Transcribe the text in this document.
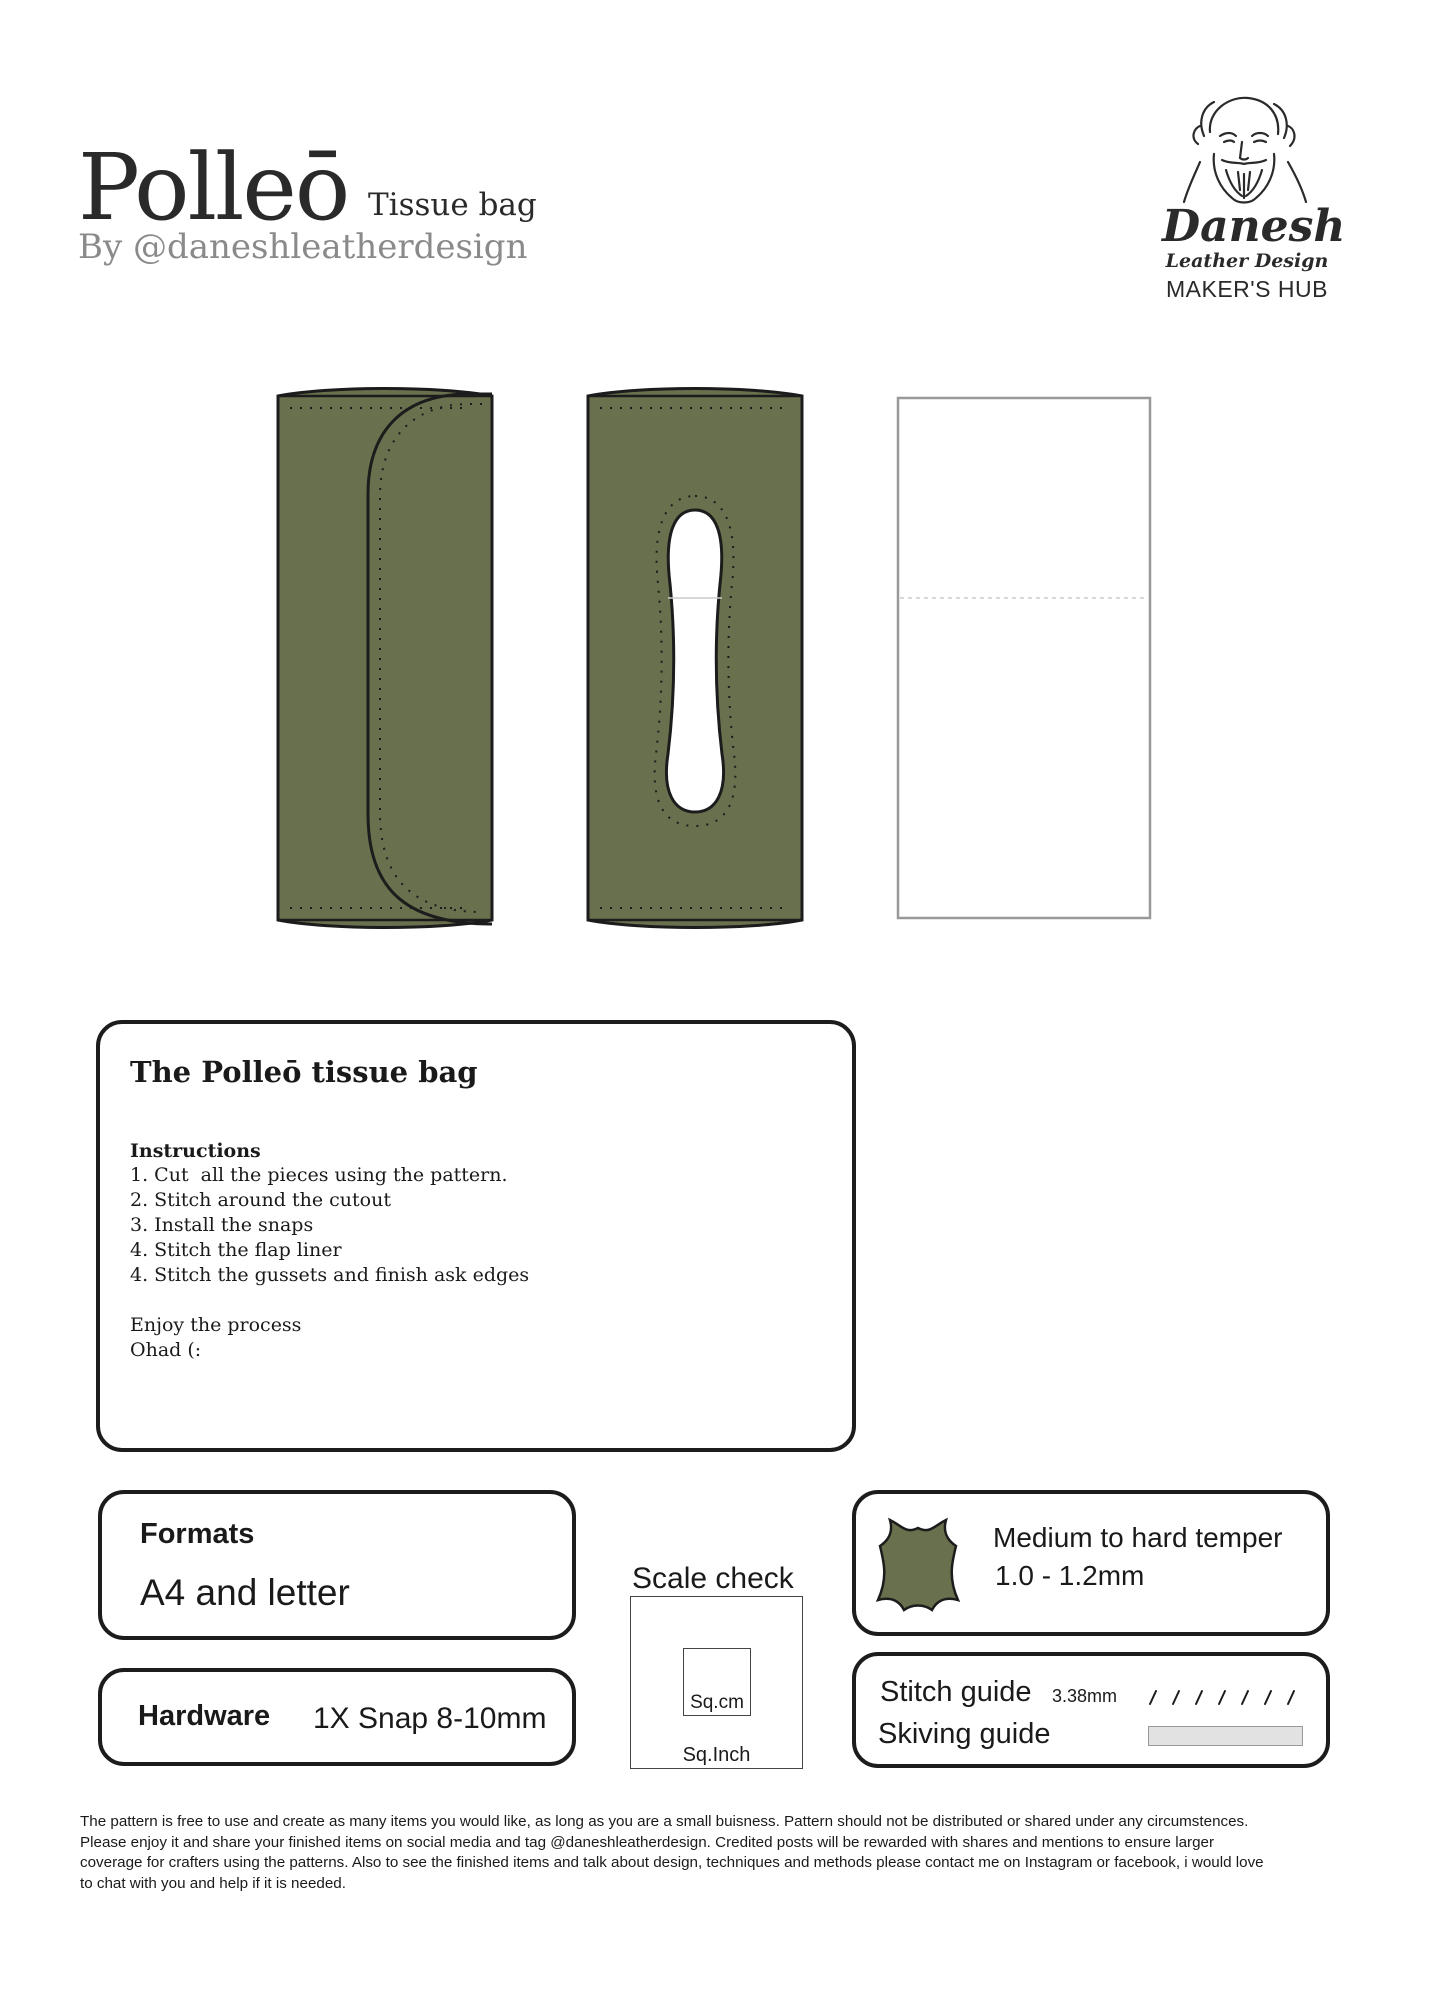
Polleō Tissue bag
By @daneshleatherdesign	Danesh
Leather Design
MAKER'S HUB
The Polleō tissue bag
Instructions
1. Cut  all the pieces using the pattern.
2. Stitch around the cutout
3. Install the snaps
4. Stitch the flap liner
4. Stitch the gussets and finish ask edges
Enjoy the process
Ohad (:
Formats
A4 and letter
Hardware 1X Snap 8-10mm
Scale check
Sq.cm
Sq.Inch
Medium to hard temper
1.0 - 1.2mm
Stitch guide 3.38mm
Skiving guide
The pattern is free to use and create as many items you would like, as long as you are a small buisness. Pattern should not be distributed or shared under any circumstences.
Please enjoy it and share your finished items on social media and tag @daneshleatherdesign. Credited posts will be rewarded with shares and mentions to ensure larger
coverage for crafters using the patterns. Also to see the finished items and talk about design, techniques and methods please contact me on Instagram or facebook, i would love
to chat with you and help if it is needed.
